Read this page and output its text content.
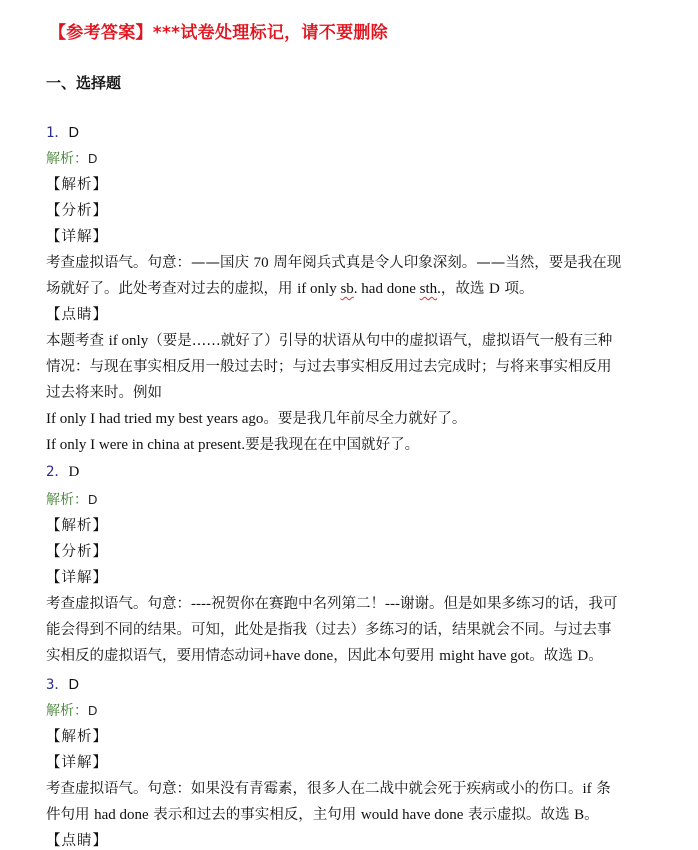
【参考答案】***试卷处理标记，请不要删除
一、选择题
1．D
解析：D
【解析】
【分析】
【详解】
考查虚拟语气。句意：——国庆 70 周年阅兵式真是令人印象深刻。——当然，要是我在现
场就好了。此处考查对过去的虚拟，用 if only sb. had done sth.，故选 D 项。
【点睛】
本题考查 if only（要是……就好了）引导的状语从句中的虚拟语气，虚拟语气一般有三种
情况：与现在事实相反用一般过去时；与过去事实相反用过去完成时；与将来事实相反用
过去将来时。例如
If only I had tried my best years ago。要是我几年前尽全力就好了。
If only I were in china at present.要是我现在在中国就好了。
2．D
解析：D
【解析】
【分析】
【详解】
考查虚拟语气。句意：----祝贺你在赛跑中名列第二！---谢谢。但是如果多练习的话，我可
能会得到不同的结果。可知，此处是指我（过去）多练习的话，结果就会不同。与过去事
实相反的虚拟语气，要用情态动词+have done，因此本句要用 might have got。故选 D。
3．D
解析：D
【解析】
【详解】
考查虚拟语气。句意：如果没有青霉素，很多人在二战中就会死于疾病或小的伤口。if 条
件句用 had done 表示和过去的事实相反，主句用 would have done 表示虚拟。故选 B。
【点睛】
